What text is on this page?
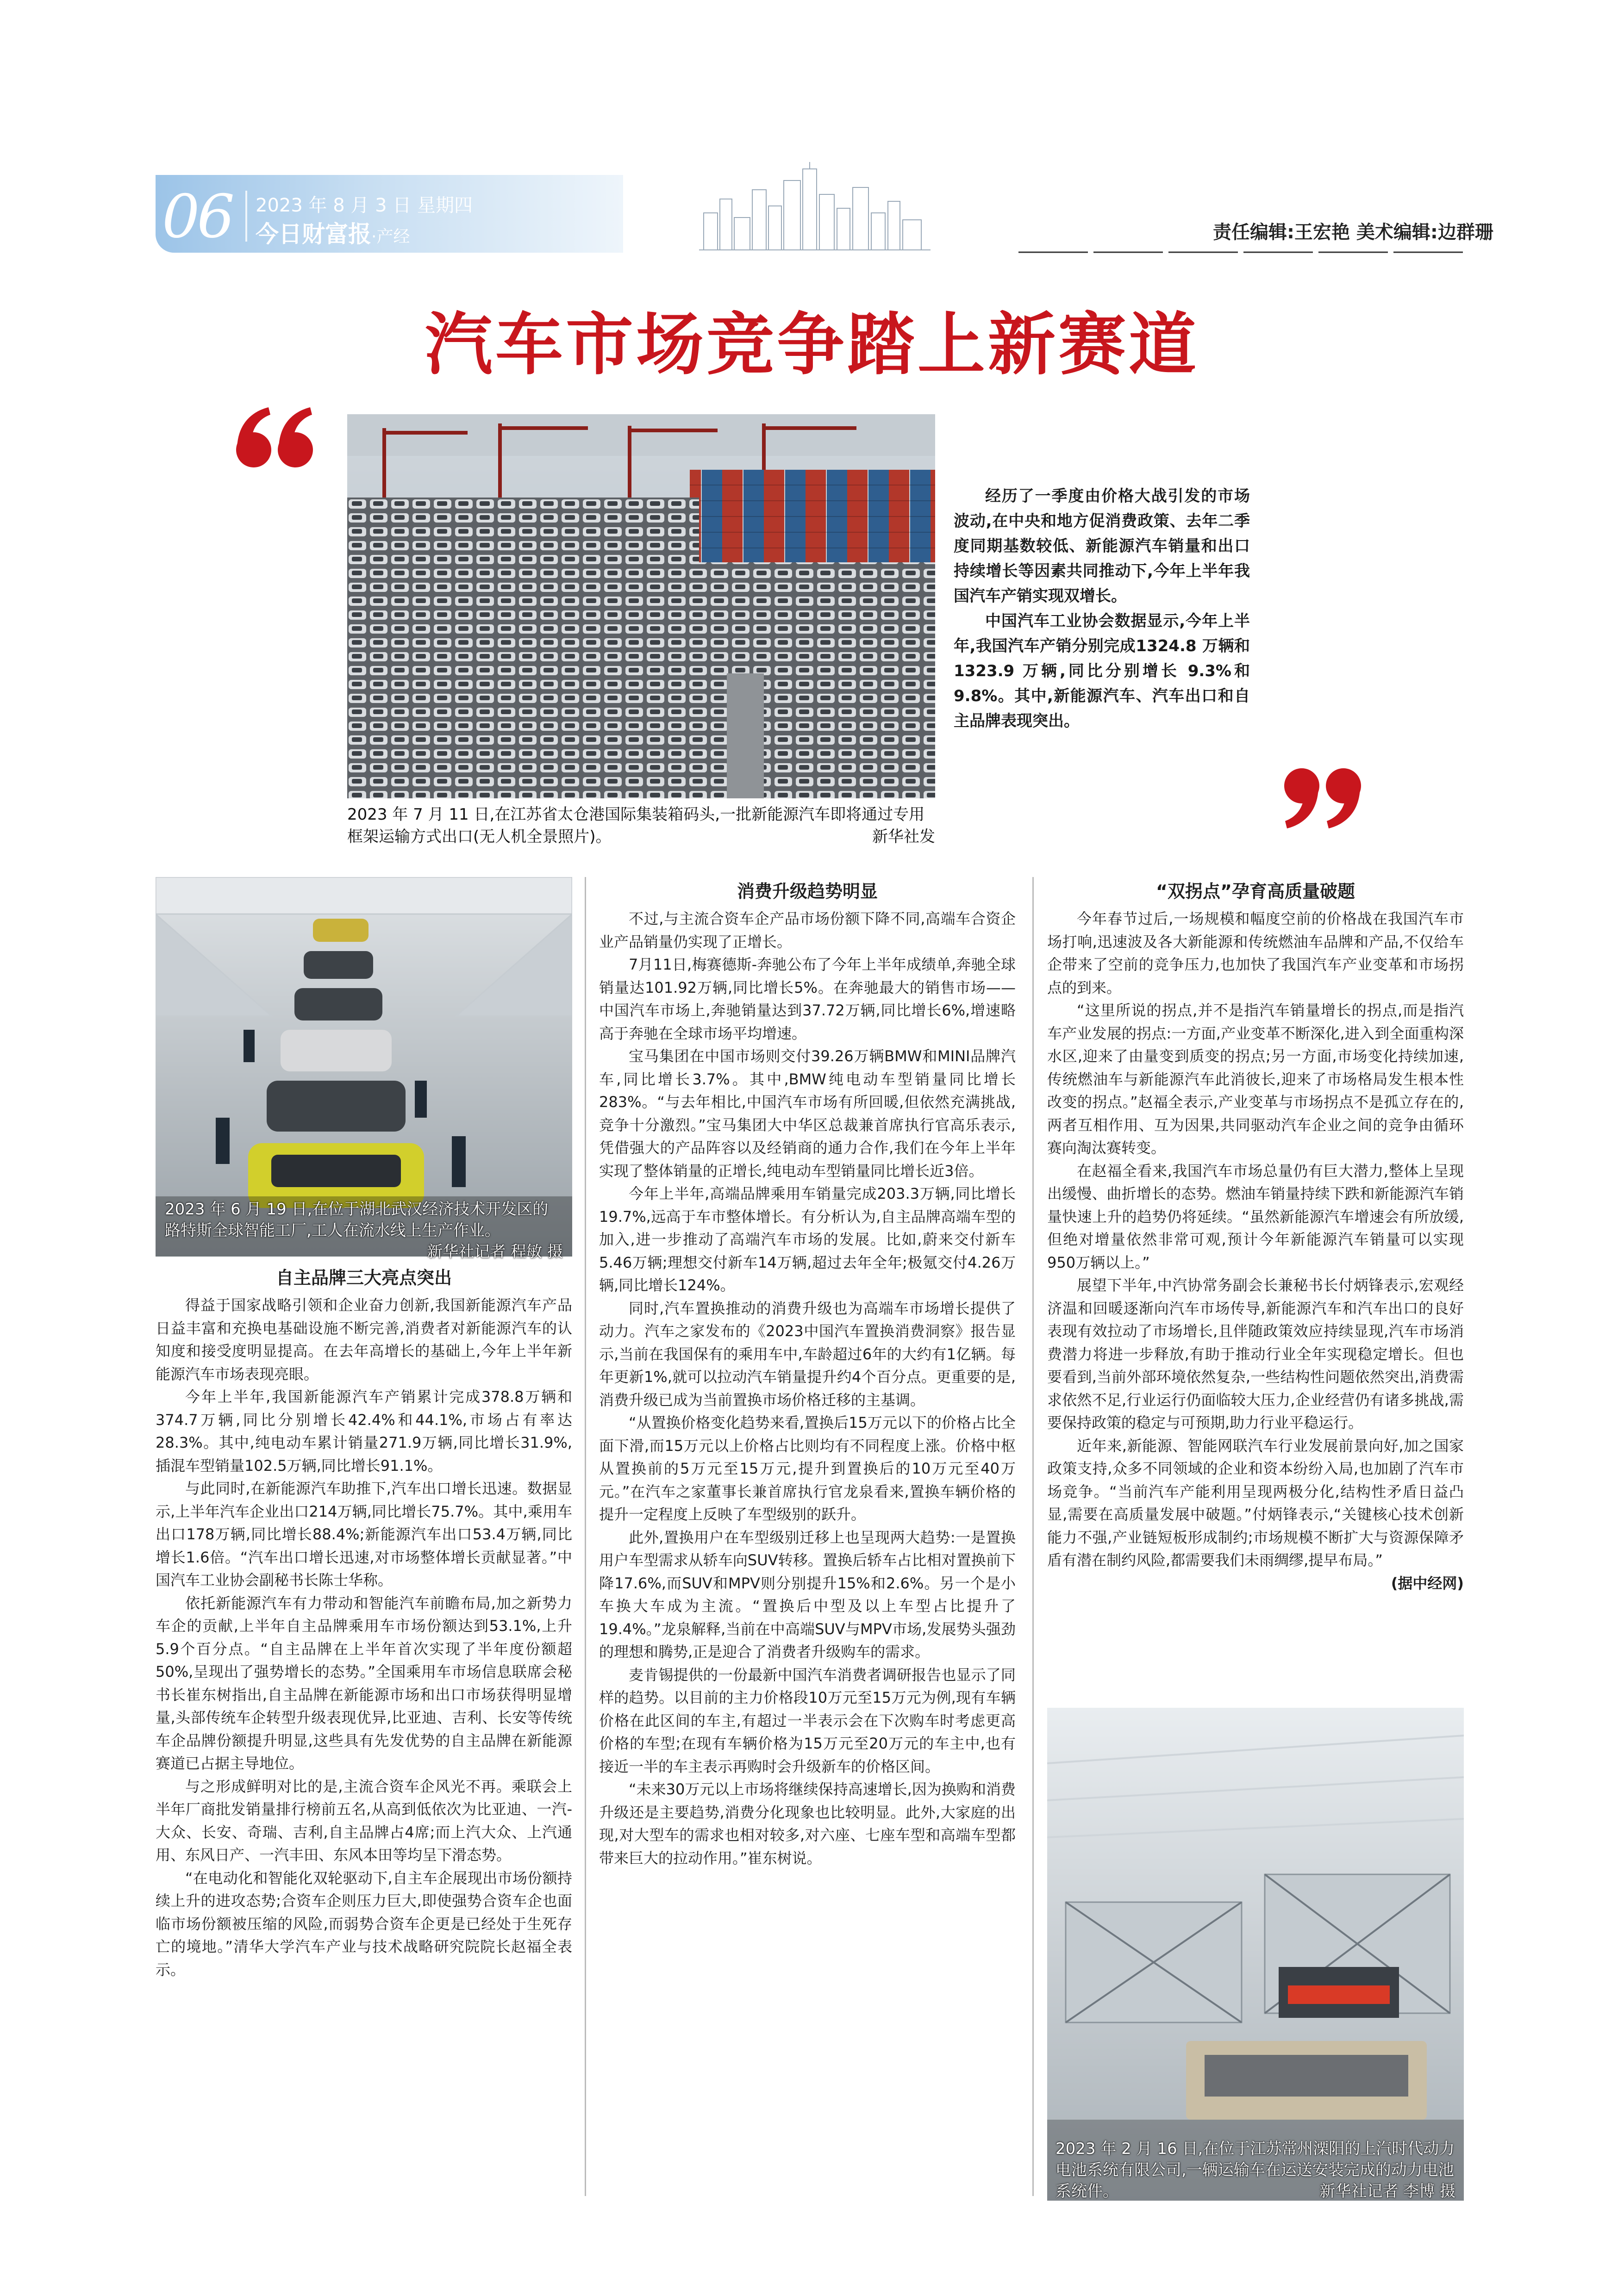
06	2023 年 8 月 3 日 星期四
今日财富报·产经	责任编辑:王宏艳 美术编辑:边群珊
汽车市场竞争踏上新赛道
2023 年 7 月 11 日,在江苏省太仓港国际集装箱码头,一批新能源汽车即将通过专用框架运输方式出口(无人机全景照片)。	新华社发

经历了一季度由价格大战引发的市场波动,在中央和地方促消费政策、去年二季度同期基数较低、新能源汽车销量和出口持续增长等因素共同推动下,今年上半年我国汽车产销实现双增长。

中国汽车工业协会数据显示,今年上半年,我国汽车产销分别完成1324.8 万辆和 1323.9 万辆,同比分别增长 9.3%和 9.8%。其中,新能源汽车、汽车出口和自主品牌表现突出。

2023 年 6 月 19 日,在位于湖北武汉经济技术开发区的路特斯全球智能工厂,工人在流水线上生产作业。
新华社记者 程敏 摄
自主品牌三大亮点突出

得益于国家战略引领和企业奋力创新,我国新能源汽车产品日益丰富和充换电基础设施不断完善,消费者对新能源汽车的认知度和接受度明显提高。在去年高增长的基础上,今年上半年新能源汽车市场表现亮眼。

今年上半年,我国新能源汽车产销累计完成378.8万辆和374.7万辆,同比分别增长42.4%和44.1%,市场占有率达28.3%。其中,纯电动车累计销量271.9万辆,同比增长31.9%,插混车型销量102.5万辆,同比增长91.1%。

与此同时,在新能源汽车助推下,汽车出口增长迅速。数据显示,上半年汽车企业出口214万辆,同比增长75.7%。其中,乘用车出口178万辆,同比增长88.4%;新能源汽车出口53.4万辆,同比增长1.6倍。“汽车出口增长迅速,对市场整体增长贡献显著。”中国汽车工业协会副秘书长陈士华称。

依托新能源汽车有力带动和智能汽车前瞻布局,加之新势力车企的贡献,上半年自主品牌乘用车市场份额达到53.1%,上升5.9个百分点。“自主品牌在上半年首次实现了半年度份额超50%,呈现出了强势增长的态势。”全国乘用车市场信息联席会秘书长崔东树指出,自主品牌在新能源市场和出口市场获得明显增量,头部传统车企转型升级表现优异,比亚迪、吉利、长安等传统车企品牌份额提升明显,这些具有先发优势的自主品牌在新能源赛道已占据主导地位。

与之形成鲜明对比的是,主流合资车企风光不再。乘联会上半年厂商批发销量排行榜前五名,从高到低依次为比亚迪、一汽-大众、长安、奇瑞、吉利,自主品牌占4席;而上汽大众、上汽通用、东风日产、一汽丰田、东风本田等均呈下滑态势。

“在电动化和智能化双轮驱动下,自主车企展现出市场份额持续上升的进攻态势;合资车企则压力巨大,即使强势合资车企也面临市场份额被压缩的风险,而弱势合资车企更是已经处于生死存亡的境地。”清华大学汽车产业与技术战略研究院院长赵福全表示。

消费升级趋势明显

不过,与主流合资车企产品市场份额下降不同,高端车合资企业产品销量仍实现了正增长。

7月11日,梅赛德斯-奔驰公布了今年上半年成绩单,奔驰全球销量达101.92万辆,同比增长5%。在奔驰最大的销售市场——中国汽车市场上,奔驰销量达到37.72万辆,同比增长6%,增速略高于奔驰在全球市场平均增速。

宝马集团在中国市场则交付39.26万辆BMW和MINI品牌汽车,同比增长3.7%。其中,BMW纯电动车型销量同比增长283%。“与去年相比,中国汽车市场有所回暖,但依然充满挑战,竞争十分激烈。”宝马集团大中华区总裁兼首席执行官高乐表示,凭借强大的产品阵容以及经销商的通力合作,我们在今年上半年实现了整体销量的正增长,纯电动车型销量同比增长近3倍。

今年上半年,高端品牌乘用车销量完成203.3万辆,同比增长19.7%,远高于车市整体增长。有分析认为,自主品牌高端车型的加入,进一步推动了高端汽车市场的发展。比如,蔚来交付新车5.46万辆;理想交付新车14万辆,超过去年全年;极氪交付4.26万辆,同比增长124%。

同时,汽车置换推动的消费升级也为高端车市场增长提供了动力。汽车之家发布的《2023中国汽车置换消费洞察》报告显示,当前在我国保有的乘用车中,车龄超过6年的大约有1亿辆。每年更新1%,就可以拉动汽车销量提升约4个百分点。更重要的是,消费升级已成为当前置换市场价格迁移的主基调。

“从置换价格变化趋势来看,置换后15万元以下的价格占比全面下滑,而15万元以上价格占比则均有不同程度上涨。价格中枢从置换前的5万元至15万元,提升到置换后的10万元至40万元。”在汽车之家董事长兼首席执行官龙泉看来,置换车辆价格的提升一定程度上反映了车型级别的跃升。

此外,置换用户在车型级别迁移上也呈现两大趋势:一是置换用户车型需求从轿车向SUV转移。置换后轿车占比相对置换前下降17.6%,而SUV和MPV则分别提升15%和2.6%。另一个是小车换大车成为主流。“置换后中型及以上车型占比提升了19.4%。”龙泉解释,当前在中高端SUV与MPV市场,发展势头强劲的理想和腾势,正是迎合了消费者升级购车的需求。

麦肯锡提供的一份最新中国汽车消费者调研报告也显示了同样的趋势。以目前的主力价格段10万元至15万元为例,现有车辆价格在此区间的车主,有超过一半表示会在下次购车时考虑更高价格的车型;在现有车辆价格为15万元至20万元的车主中,也有接近一半的车主表示再购时会升级新车的价格区间。

“未来30万元以上市场将继续保持高速增长,因为换购和消费升级还是主要趋势,消费分化现象也比较明显。此外,大家庭的出现,对大型车的需求也相对较多,对六座、七座车型和高端车型都带来巨大的拉动作用。”崔东树说。

“双拐点”孕育高质量破题

今年春节过后,一场规模和幅度空前的价格战在我国汽车市场打响,迅速波及各大新能源和传统燃油车品牌和产品,不仅给车企带来了空前的竞争压力,也加快了我国汽车产业变革和市场拐点的到来。

“这里所说的拐点,并不是指汽车销量增长的拐点,而是指汽车产业发展的拐点:一方面,产业变革不断深化,进入到全面重构深水区,迎来了由量变到质变的拐点;另一方面,市场变化持续加速,传统燃油车与新能源汽车此消彼长,迎来了市场格局发生根本性改变的拐点。”赵福全表示,产业变革与市场拐点不是孤立存在的,两者互相作用、互为因果,共同驱动汽车企业之间的竞争由循环赛向淘汰赛转变。

在赵福全看来,我国汽车市场总量仍有巨大潜力,整体上呈现出缓慢、曲折增长的态势。燃油车销量持续下跌和新能源汽车销量快速上升的趋势仍将延续。“虽然新能源汽车增速会有所放缓,但绝对增量依然非常可观,预计今年新能源汽车销量可以实现950万辆以上。”

展望下半年,中汽协常务副会长兼秘书长付炳锋表示,宏观经济温和回暖逐渐向汽车市场传导,新能源汽车和汽车出口的良好表现有效拉动了市场增长,且伴随政策效应持续显现,汽车市场消费潜力将进一步释放,有助于推动行业全年实现稳定增长。但也要看到,当前外部环境依然复杂,一些结构性问题依然突出,消费需求依然不足,行业运行仍面临较大压力,企业经营仍有诸多挑战,需要保持政策的稳定与可预期,助力行业平稳运行。

近年来,新能源、智能网联汽车行业发展前景向好,加之国家政策支持,众多不同领域的企业和资本纷纷入局,也加剧了汽车市场竞争。“当前汽车产能利用呈现两极分化,结构性矛盾日益凸显,需要在高质量发展中破题。”付炳锋表示,“关键核心技术创新能力不强,产业链短板形成制约;市场规模不断扩大与资源保障矛盾有潜在制约风险,都需要我们未雨绸缪,提早布局。”

(据中经网)
2023 年 2 月 16 日,在位于江苏常州溧阳的上汽时代动力电池系统有限公司,一辆运输车在运送安装完成的动力电池系统件。	新华社记者 李博 摄
